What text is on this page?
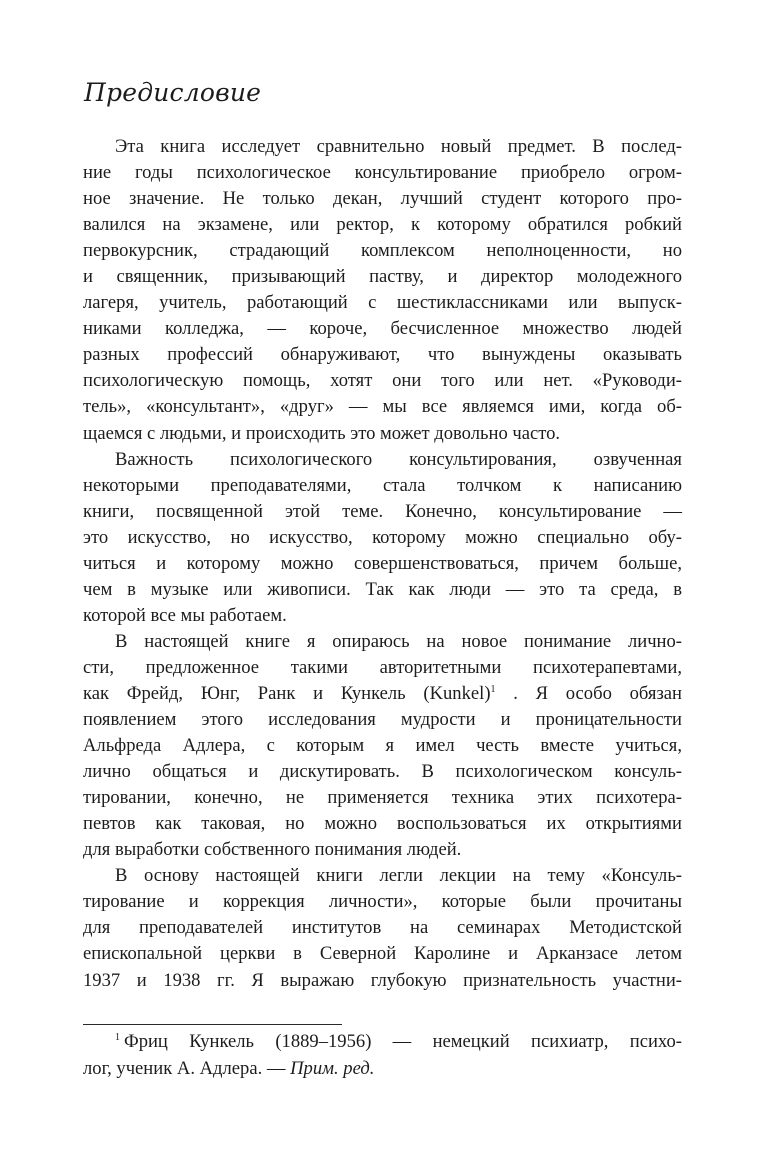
Предисловие
Эта книга исследует сравнительно новый предмет. В послед-
ние годы психологическое консультирование приобрело огром-
ное значение. Не только декан, лучший студент которого про-
валился на экзамене, или ректор, к которому обратился робкий
первокурсник, страдающий комплексом неполноценности, но
и священник, призывающий паству, и директор молодежного
лагеря, учитель, работающий с шестиклассниками или выпуск-
никами колледжа, — короче, бесчисленное множество людей
разных профессий обнаруживают, что вынуждены оказывать
психологическую помощь, хотят они того или нет. «Руководи-
тель», «консультант», «друг» — мы все являемся ими, когда об-
щаемся с людьми, и происходить это может довольно часто.
Важность психологического консультирования, озвученная
некоторыми преподавателями, стала толчком к написанию
книги, посвященной этой теме. Конечно, консультирование —
это искусство, но искусство, которому можно специально обу-
читься и которому можно совершенствоваться, причем больше,
чем в музыке или живописи. Так как люди — это та среда, в
которой все мы работаем.
В настоящей книге я опираюсь на новое понимание лично-
сти, предложенное такими авторитетными психотерапевтами,
как Фрейд, Юнг, Ранк и Кункель (Kunkel)$^1$ . Я особо обязан
появлением этого исследования мудрости и проницательности
Альфреда Адлера, с которым я имел честь вместе учиться,
лично общаться и дискутировать. В психологическом консуль-
тировании, конечно, не применяется техника этих психотера-
певтов как таковая, но можно воспользоваться их открытиями
для выработки собственного понимания людей.
В основу настоящей книги легли лекции на тему «Консуль-
тирование и коррекция личности», которые были прочитаны
для преподавателей институтов на семинарах Методистской
епископальной церкви в Северной Каролине и Арканзасе летом
1937 и 1938 гг. Я выражаю глубокую признательность участни-
$^1$ Фриц Кункель (1889–1956) — немецкий психиатр, психо-
лог, ученик А. Адлера. — Прим. ред.
